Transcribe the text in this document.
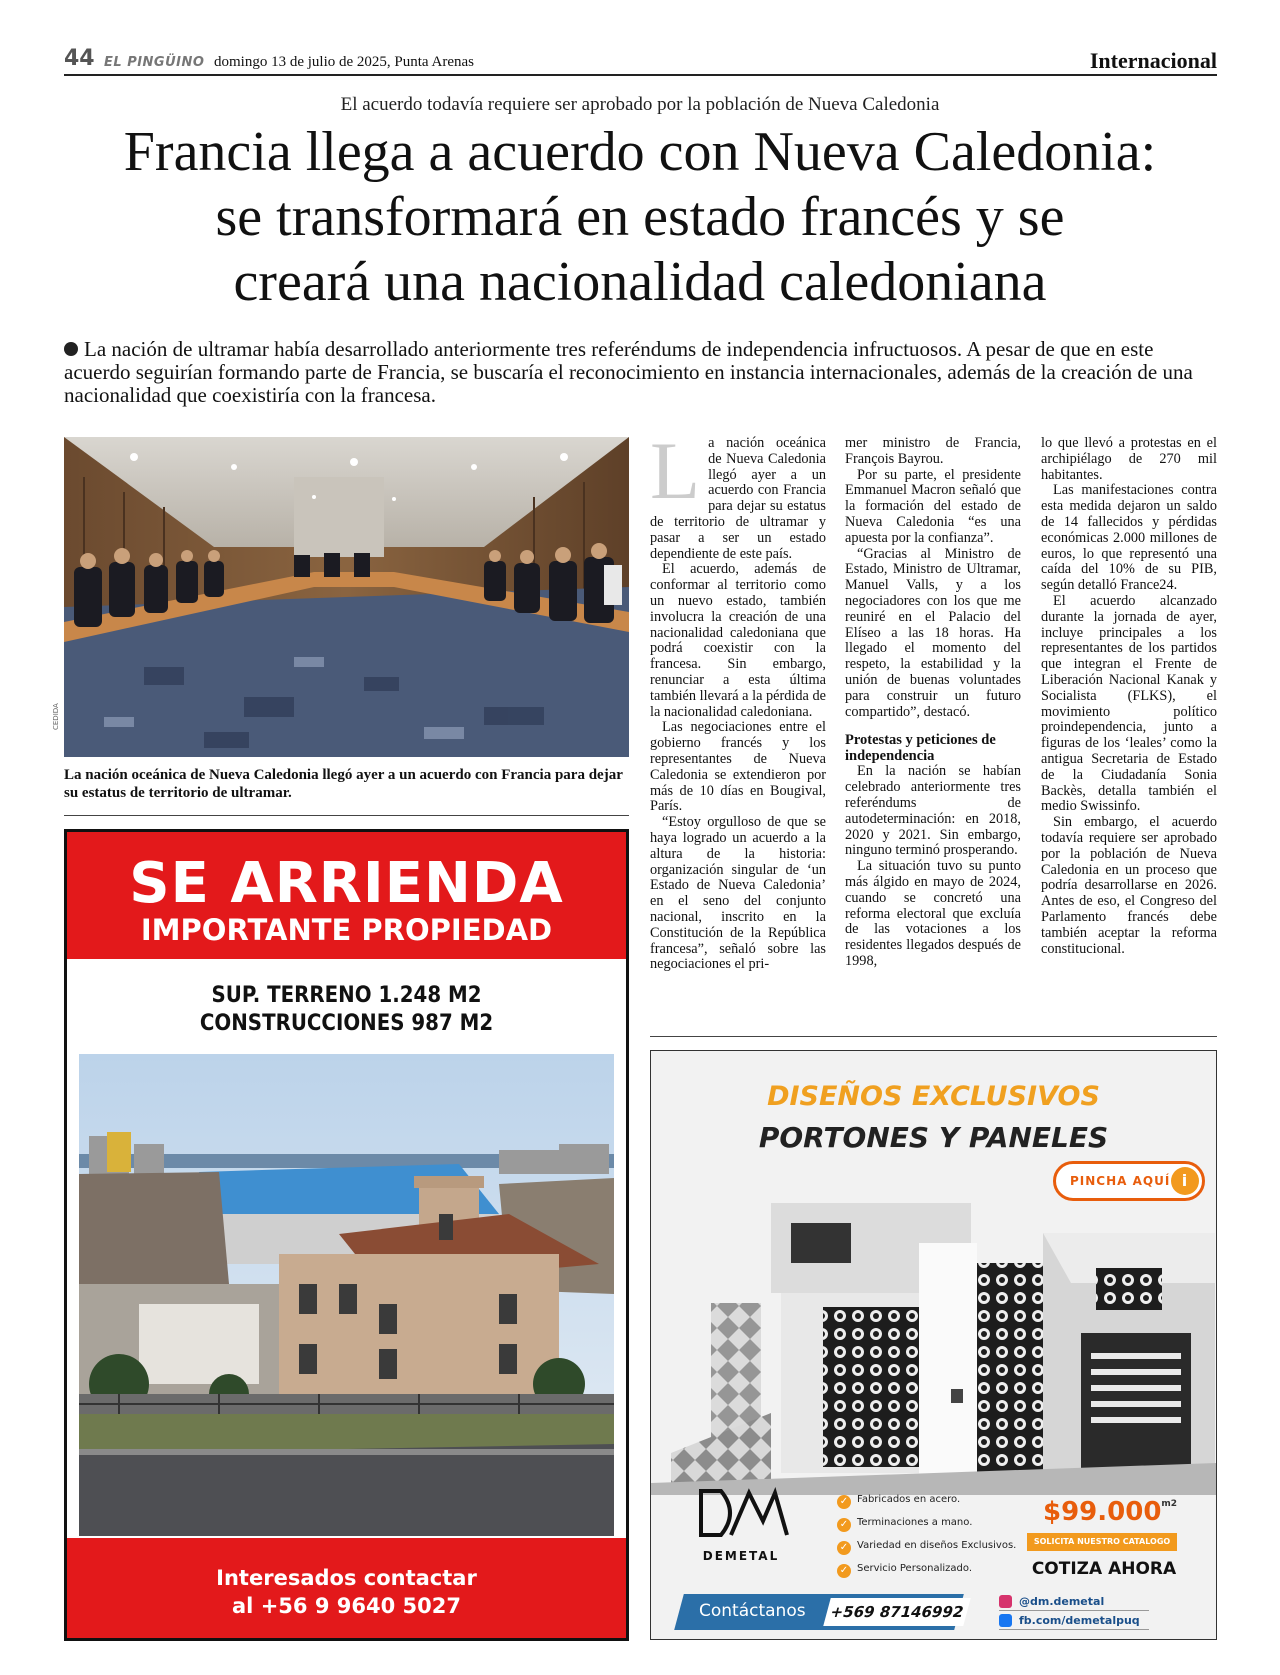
44 EL PINGÜINO domingo 13 de julio de 2025, Punta Arenas	Internacional
El acuerdo todavía requiere ser aprobado por la población de Nueva Caledonia
Francia llega a acuerdo con Nueva Caledonia:
se transformará en estado francés y se
creará una nacionalidad caledoniana
La nación de ultramar había desarrollado anteriormente tres referéndums de independencia infructuosos. A pesar de que en este acuerdo seguirían formando parte de Francia, se buscaría el reconocimiento en instancia internacionales, además de la creación de una nacionalidad que coexistiría con la francesa.
CEDIDA
La nación oceánica de Nueva Caledonia llegó ayer a un acuerdo con Francia para dejar su estatus de territorio de ultramar.
L a nación oceánica de Nueva Caledonia llegó ayer a un acuerdo con Francia para dejar su estatus de territorio de ultramar y pasar a ser un estado dependiente de este país.

El acuerdo, además de conformar al territorio como un nuevo estado, también involucra la creación de una nacionalidad caledoniana que podrá coexistir con la francesa. Sin embargo, renunciar a esta última también llevará a la pérdida de la nacionalidad caledoniana.

Las negociaciones entre el gobierno francés y los representantes de Nueva Caledonia se extendieron por más de 10 días en Bougival, París.

“Estoy orgulloso de que se haya logrado un acuerdo a la altura de la historia: organización singular de ‘un Estado de Nueva Caledonia’ en el seno del conjunto nacional, inscrito en la Constitución de la República francesa”, señaló sobre las negociaciones el pri-

mer ministro de Francia, François Bayrou.

Por su parte, el presidente Emmanuel Macron señaló que la formación del estado de Nueva Caledonia “es una apuesta por la confianza”.

“Gracias al Ministro de Estado, Ministro de Ultramar, Manuel Valls, y a los negociadores con los que me reuniré en el Palacio del Elíseo a las 18 horas. Ha llegado el momento del respeto, la estabilidad y la unión de buenas voluntades para construir un futuro compartido”, destacó.

Protestas y peticiones de independencia

En la nación se habían celebrado anteriormente tres referéndums de autodeterminación: en 2018, 2020 y 2021. Sin embargo, ninguno terminó prosperando.

La situación tuvo su punto más álgido en mayo de 2024, cuando se concretó una reforma electoral que excluía de las votaciones a los residentes llegados después de 1998,

lo que llevó a protestas en el archipiélago de 270 mil habitantes.

Las manifestaciones contra esta medida dejaron un saldo de 14 fallecidos y pérdidas económicas 2.000 millones de euros, lo que representó una caída del 10% de su PIB, según detalló France24.

El acuerdo alcanzado durante la jornada de ayer, incluye principales a los representantes de los partidos que integran el Frente de Liberación Nacional Kanak y Socialista (FLKS), el movimiento político proindependencia, junto a figuras de los ‘leales’ como la antigua Secretaria de Estado de la Ciudadanía Sonia Backès, detalla también el medio Swissinfo.

Sin embargo, el acuerdo todavía requiere ser aprobado por la población de Nueva Caledonia en un proceso que podría desarrollarse en 2026. Antes de eso, el Congreso del Parlamento francés debe también aceptar la reforma constitucional.

SE ARRIENDA
IMPORTANTE PROPIEDAD
SUP. TERRENO 1.248 M2
CONSTRUCCIONES 987 M2
Interesados contactar
al +56 9 9640 5027
DISEÑOS EXCLUSIVOS
PORTONES Y PANELES
PINCHA AQUÍ i
DEMETAL
✓ Fabricados en acero.
✓ Terminaciones a mano.
✓ Variedad en diseños Exclusivos.
✓ Servicio Personalizado.
$\$99.000^{m2}$
SOLICITA NUESTRO CATALOGO
COTIZA AHORA
Contáctanos	+569 87146992
@dm.demetal
fb.com/demetalpuq
